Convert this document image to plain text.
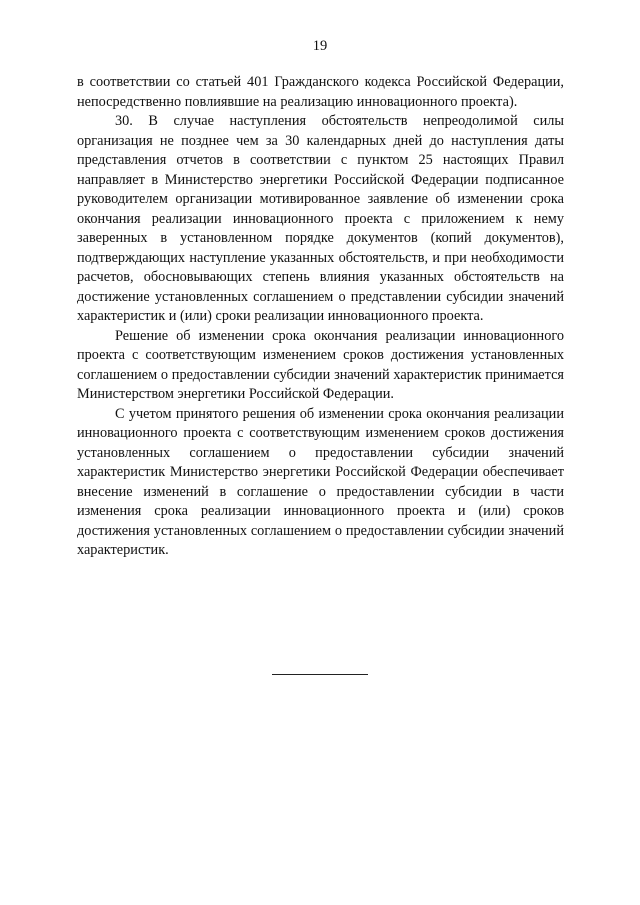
19

в соответствии со статьей 401 Гражданского кодекса Российской Федерации, непосредственно повлиявшие на реализацию инновационного проекта).

30. В случае наступления обстоятельств непреодолимой силы организация не позднее чем за 30 календарных дней до наступления даты представления отчетов в соответствии с пунктом 25 настоящих Правил направляет в Министерство энергетики Российской Федерации подписанное руководителем организации мотивированное заявление об изменении срока окончания реализации инновационного проекта с приложением к нему заверенных в установленном порядке документов (копий документов), подтверждающих наступление указанных обстоятельств, и при необходимости расчетов, обосновывающих степень влияния указанных обстоятельств на достижение установленных соглашением о представлении субсидии значений характеристик и (или) сроки реализации инновационного проекта.

Решение об изменении срока окончания реализации инновационного проекта с соответствующим изменением сроков достижения установленных соглашением о предоставлении субсидии значений характеристик принимается Министерством энергетики Российской Федерации.

С учетом принятого решения об изменении срока окончания реализации инновационного проекта с соответствующим изменением сроков достижения установленных соглашением о предоставлении субсидии значений характеристик Министерство энергетики Российской Федерации обеспечивает внесение изменений в соглашение о предоставлении субсидии в части изменения срока реализации инновационного проекта и (или) сроков достижения установленных соглашением о предоставлении субсидии значений характеристик.
